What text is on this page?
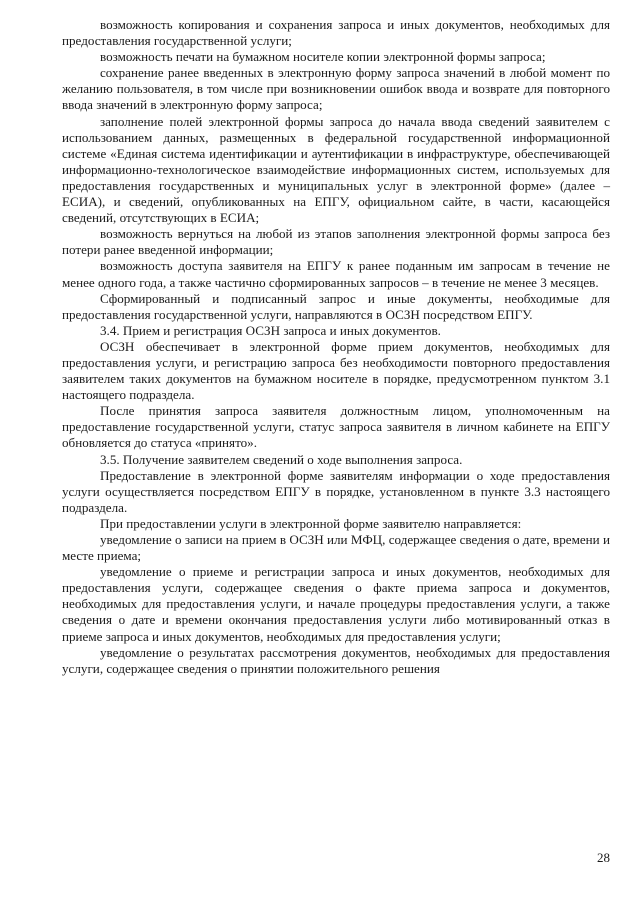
возможность копирования и сохранения запроса и иных документов, необходимых для предоставления государственной услуги;

возможность печати на бумажном носителе копии электронной формы запроса;

сохранение ранее введенных в электронную форму запроса значений в любой момент по желанию пользователя, в том числе при возникновении ошибок ввода и возврате для повторного ввода значений в электронную форму запроса;

заполнение полей электронной формы запроса до начала ввода сведений заявителем с использованием данных, размещенных в федеральной государственной информационной системе «Единая система идентификации и аутентификации в инфраструктуре, обеспечивающей информационно-технологическое взаимодействие информационных систем, используемых для предоставления государственных и муниципальных услуг в электронной форме» (далее – ЕСИА), и сведений, опубликованных на ЕПГУ, официальном сайте, в части, касающейся сведений, отсутствующих в ЕСИА;

возможность вернуться на любой из этапов заполнения электронной формы запроса без потери ранее введенной информации;

возможность доступа заявителя на ЕПГУ к ранее поданным им запросам в течение не менее одного года, а также частично сформированных запросов – в течение не менее 3 месяцев.

Сформированный и подписанный запрос и иные документы, необходимые для предоставления государственной услуги, направляются в ОСЗН посредством ЕПГУ.

3.4. Прием и регистрация ОСЗН запроса и иных документов.

ОСЗН обеспечивает в электронной форме прием документов, необходимых для предоставления услуги, и регистрацию запроса без необходимости повторного предоставления заявителем таких документов на бумажном носителе в порядке, предусмотренном пунктом 3.1 настоящего подраздела.

После принятия запроса заявителя должностным лицом, уполномоченным на предоставление государственной услуги, статус запроса заявителя в личном кабинете на ЕПГУ обновляется до статуса «принято».

3.5. Получение заявителем сведений о ходе выполнения запроса.

Предоставление в электронной форме заявителям информации о ходе предоставления услуги осуществляется посредством ЕПГУ в порядке, установленном в пункте 3.3 настоящего подраздела.

При предоставлении услуги в электронной форме заявителю направляется:

уведомление о записи на прием в ОСЗН или МФЦ, содержащее сведения о дате, времени и месте приема;

уведомление о приеме и регистрации запроса и иных документов, необходимых для предоставления услуги, содержащее сведения о факте приема запроса и документов, необходимых для предоставления услуги, и начале процедуры предоставления услуги, а также сведения о дате и времени окончания предоставления услуги либо мотивированный отказ в приеме запроса и иных документов, необходимых для предоставления услуги;

уведомление о результатах рассмотрения документов, необходимых для предоставления услуги, содержащее сведения о принятии положительного решения

28
